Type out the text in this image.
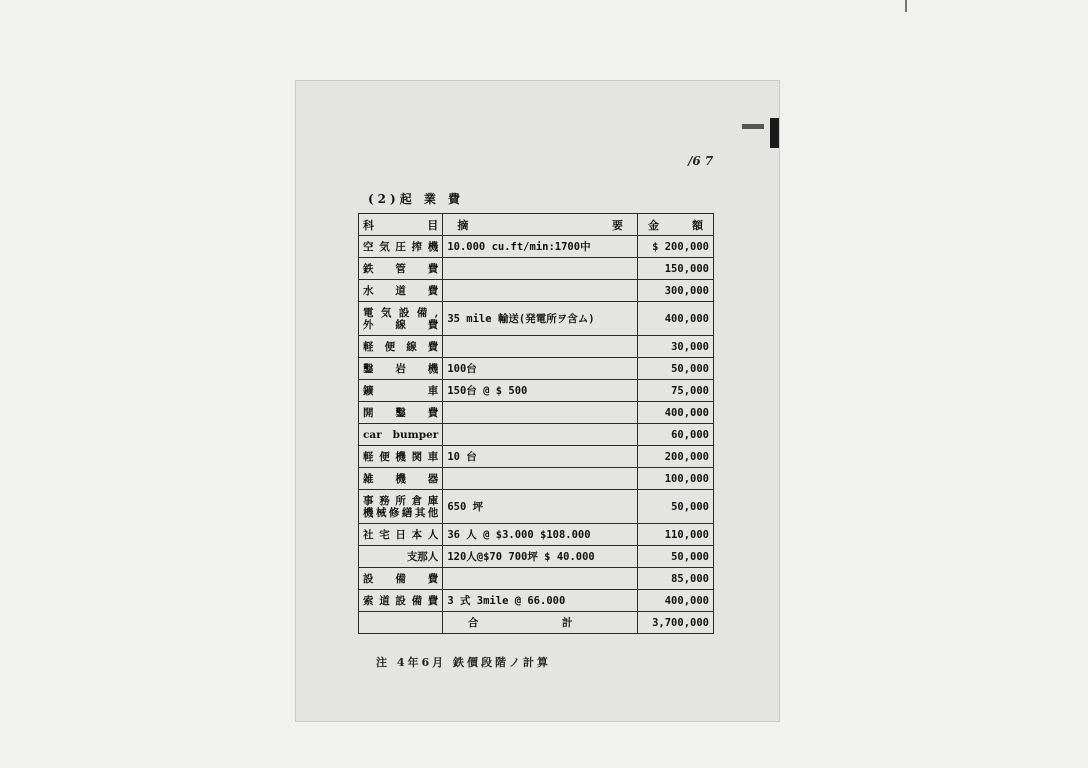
/6 7
(2)起 業 費
科 目	摘 要	金 額

空気圧搾機	10.000 cu.ft/min:1700中	$ 200,000

鉄 管 費		150,000

水 道 費		300,000

電気設備,
外 線 費	35 mile 輸送(発電所ヲ含ム)	400,000

軽便線費		30,000

鑿 岩 機	100台	50,000

鑛 車	150台 @ $ 500	75,000

開 鑿 費		400,000

car bumper		60,000

軽便機関車	10 台	200,000

雑 機 器		100,000

事務所倉庫
機械修繕其他	650 坪	50,000

社宅日本人	36 人 @ $3.000 $108.000	110,000
支那人	120人@$70 700坪 $ 40.000	50,000

設 備 費		85,000

索道設備費	3 式 3mile @ 66.000	400,000
	合 計	3,700,000
注 4年6月 鉄價段階ノ計算
